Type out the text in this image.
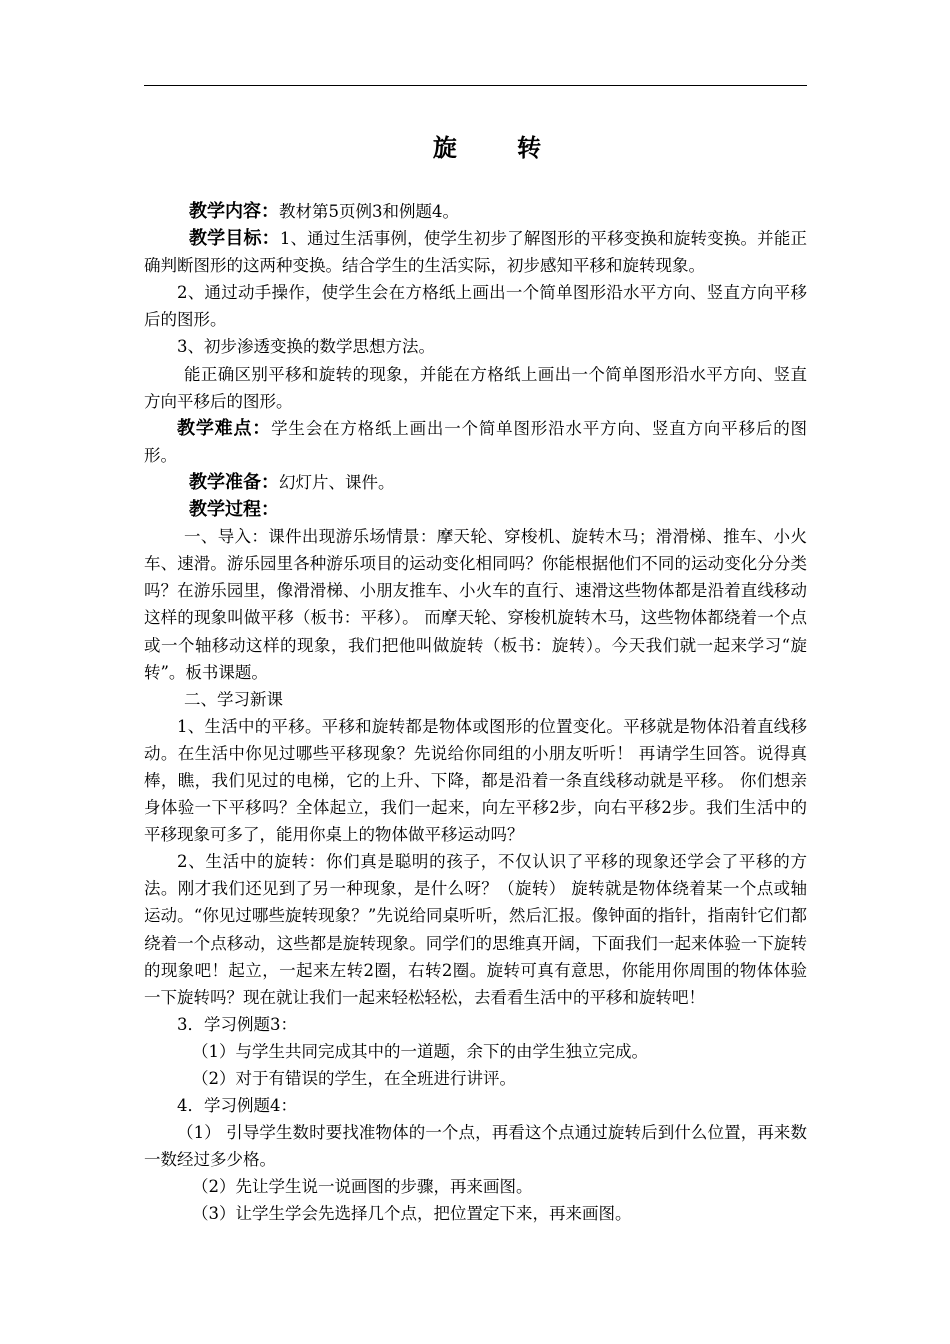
旋 转

教学内容：教材第5页例3和例题4。

教学目标：1、通过生活事例，使学生初步了解图形的平移变换和旋转变换。并能正确判断图形的这两种变换。结合学生的生活实际，初步感知平移和旋转现象。

2、通过动手操作，使学生会在方格纸上画出一个简单图形沿水平方向、竖直方向平移后的图形。

3、初步渗透变换的数学思想方法。

能正确区别平移和旋转的现象，并能在方格纸上画出一个简单图形沿水平方向、竖直方向平移后的图形。

教学难点：学生会在方格纸上画出一个简单图形沿水平方向、竖直方向平移后的图形。

教学准备：幻灯片、课件。

教学过程：

一、导入：课件出现游乐场情景：摩天轮、穿梭机、旋转木马；滑滑梯、推车、小火车、速滑。游乐园里各种游乐项目的运动变化相同吗？你能根据他们不同的运动变化分分类吗？在游乐园里，像滑滑梯、小朋友推车、小火车的直行、速滑这些物体都是沿着直线移动这样的现象叫做平移（板书：平移）。 而摩天轮、穿梭机旋转木马，这些物体都绕着一个点或一个轴移动这样的现象，我们把他叫做旋转（板书：旋转）。今天我们就一起来学习“旋转”。板书课题。

二、学习新课

1、生活中的平移。平移和旋转都是物体或图形的位置变化。平移就是物体沿着直线移动。在生活中你见过哪些平移现象？先说给你同组的小朋友听听！ 再请学生回答。说得真棒，瞧，我们见过的电梯，它的上升、下降，都是沿着一条直线移动就是平移。 你们想亲身体验一下平移吗？全体起立，我们一起来，向左平移2步，向右平移2步。我们生活中的平移现象可多了，能用你桌上的物体做平移运动吗？

2、生活中的旋转：你们真是聪明的孩子，不仅认识了平移的现象还学会了平移的方法。刚才我们还见到了另一种现象，是什么呀？（旋转） 旋转就是物体绕着某一个点或轴运动。“你见过哪些旋转现象？”先说给同桌听听，然后汇报。像钟面的指针，指南针它们都绕着一个点移动，这些都是旋转现象。同学们的思维真开阔，下面我们一起来体验一下旋转的现象吧！起立，一起来左转2圈，右转2圈。旋转可真有意思，你能用你周围的物体体验一下旋转吗？现在就让我们一起来轻松轻松，去看看生活中的平移和旋转吧！

3．学习例题3：

（1）与学生共同完成其中的一道题，余下的由学生独立完成。

（2）对于有错误的学生，在全班进行讲评。

4．学习例题4：

（1） 引导学生数时要找准物体的一个点，再看这个点通过旋转后到什么位置，再来数一数经过多少格。

（2）先让学生说一说画图的步骤，再来画图。

（3）让学生学会先选择几个点，把位置定下来，再来画图。
